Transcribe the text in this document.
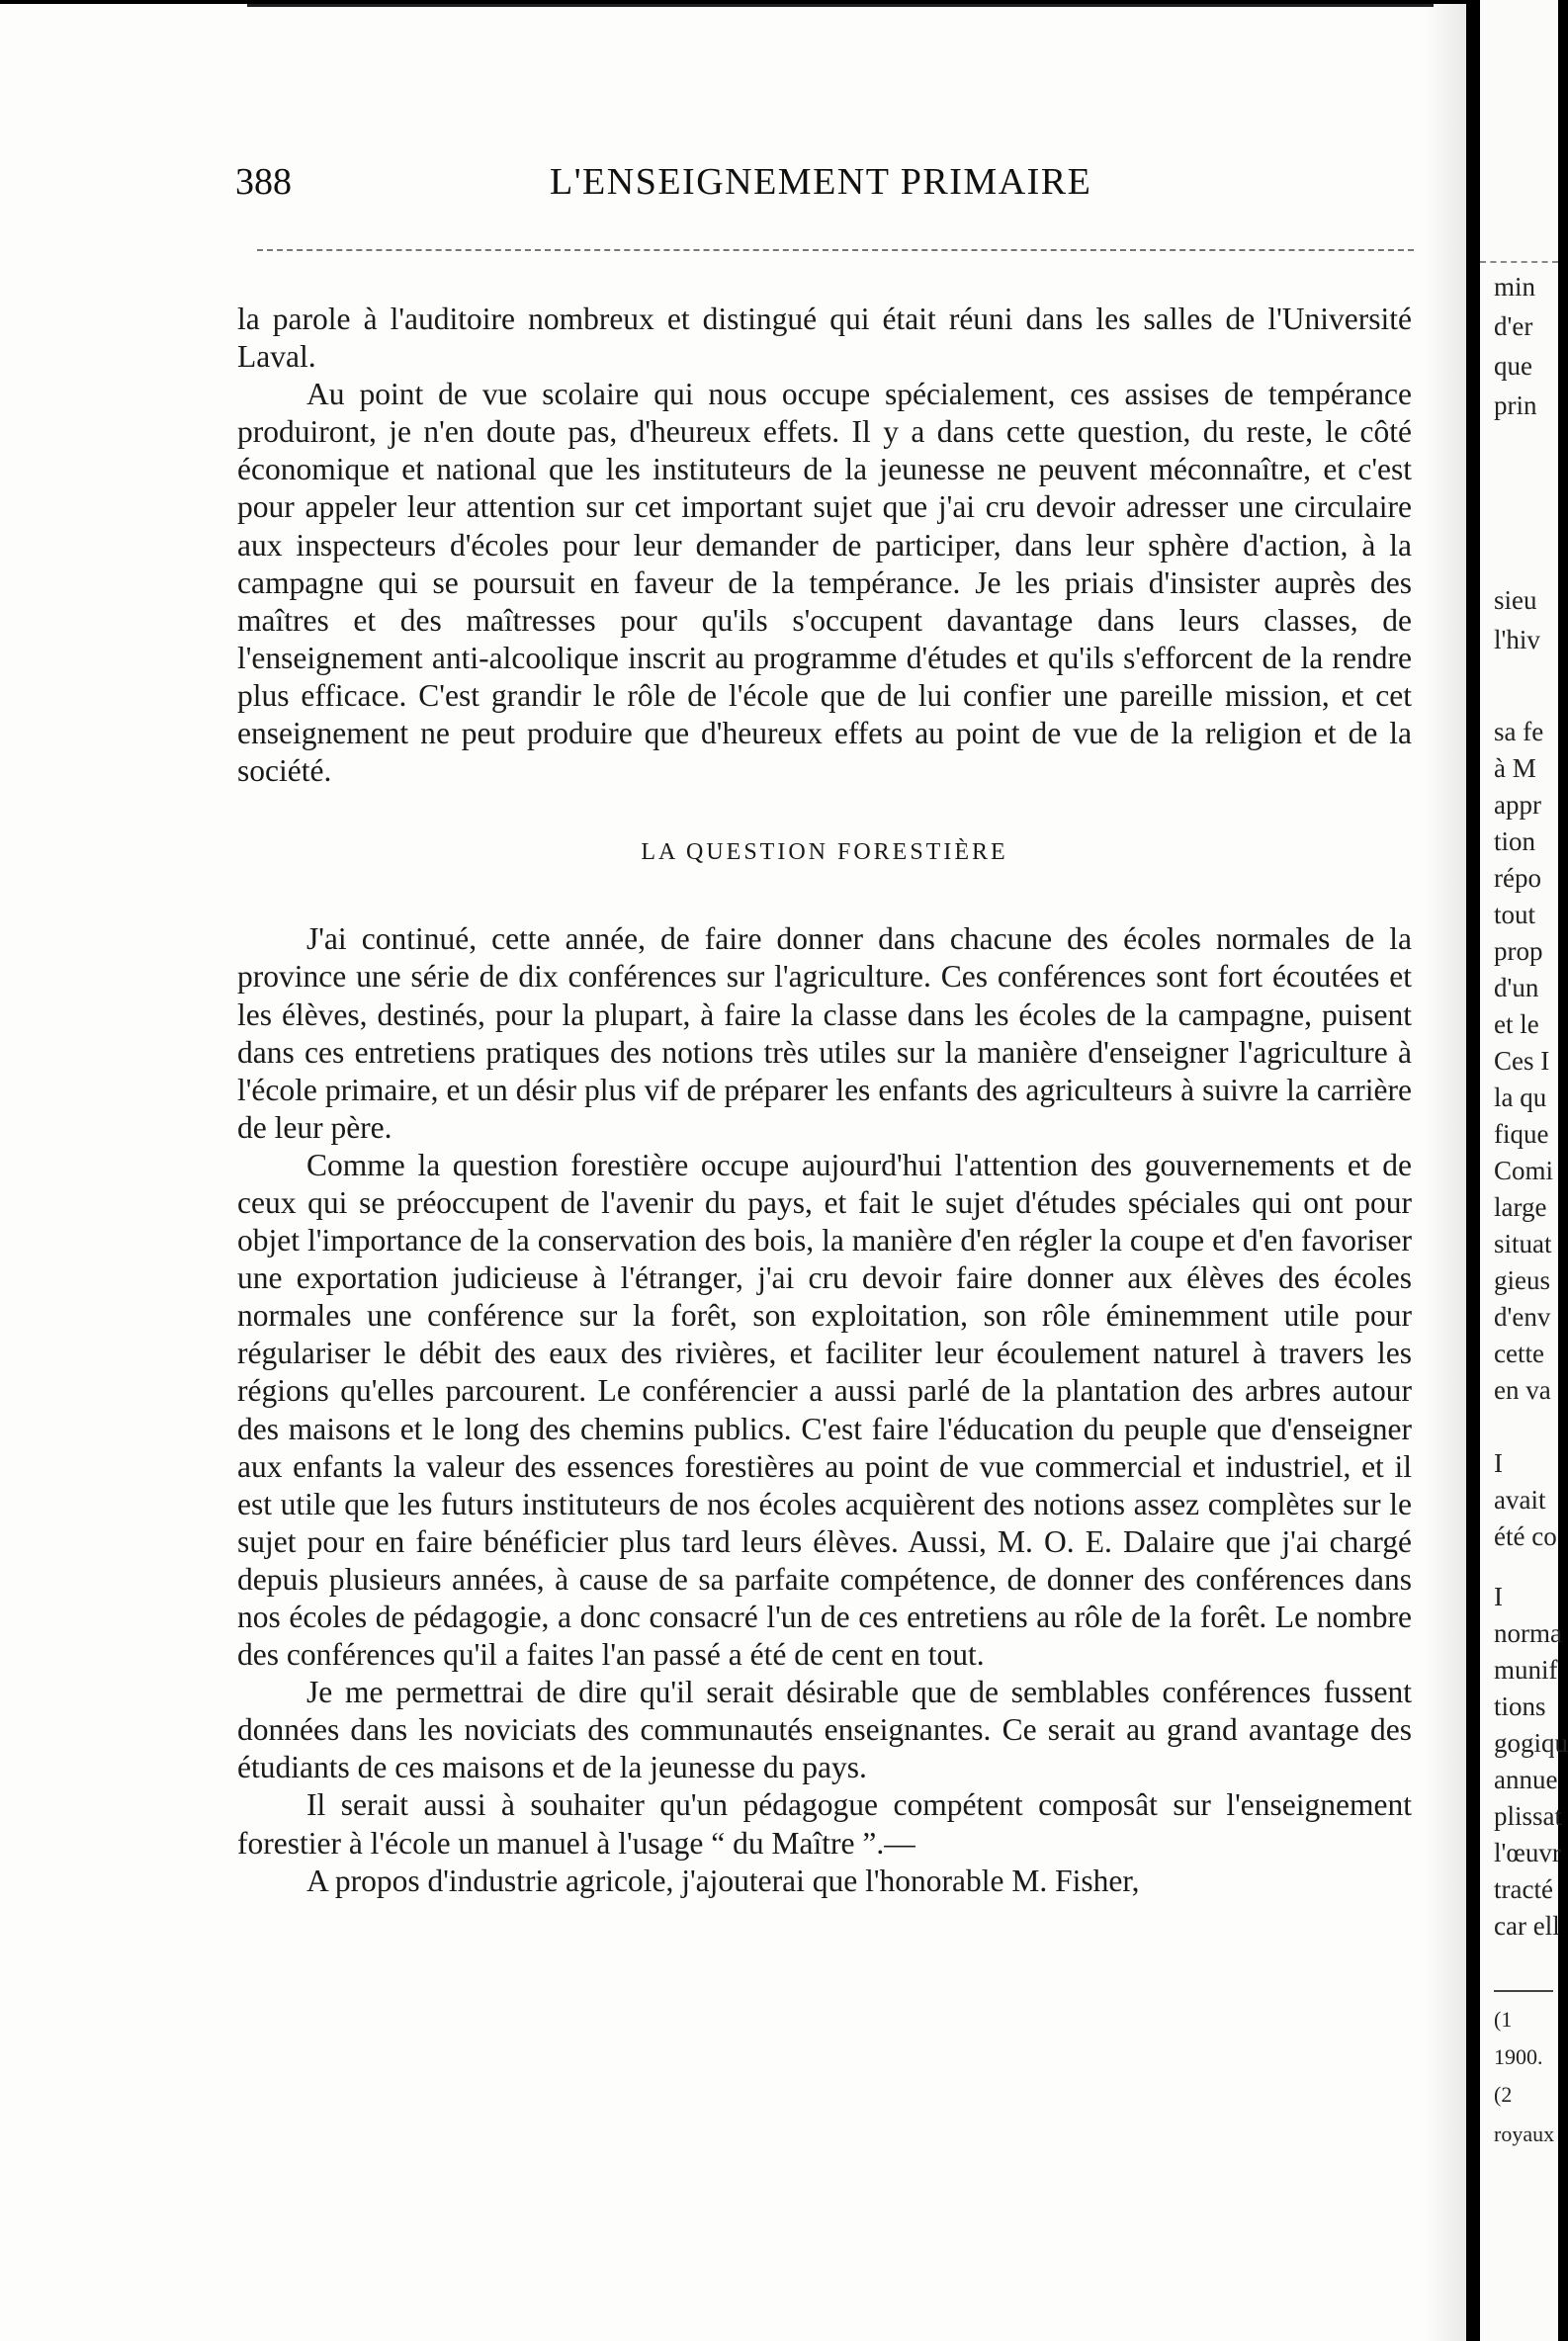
388	L'ENSEIGNEMENT PRIMAIRE

la parole à l'auditoire nombreux et distingué qui était réuni dans les salles de l'Université Laval.

Au point de vue scolaire qui nous occupe spécialement, ces assises de tempérance produiront, je n'en doute pas, d'heureux effets. Il y a dans cette question, du reste, le côté économique et national que les instituteurs de la jeunesse ne peuvent méconnaître, et c'est pour appeler leur attention sur cet important sujet que j'ai cru devoir adresser une circulaire aux inspecteurs d'écoles pour leur demander de participer, dans leur sphère d'action, à la campagne qui se poursuit en faveur de la tempérance. Je les priais d'insister auprès des maîtres et des maîtresses pour qu'ils s'occupent davantage dans leurs classes, de l'enseignement anti-alcoolique inscrit au programme d'études et qu'ils s'efforcent de la rendre plus efficace. C'est grandir le rôle de l'école que de lui confier une pareille mission, et cet enseignement ne peut produire que d'heureux effets au point de vue de la religion et de la société.

LA QUESTION FORESTIÈRE

J'ai continué, cette année, de faire donner dans chacune des écoles normales de la province une série de dix conférences sur l'agriculture. Ces conférences sont fort écoutées et les élèves, destinés, pour la plupart, à faire la classe dans les écoles de la campagne, puisent dans ces entretiens pratiques des notions très utiles sur la manière d'enseigner l'agriculture à l'école primaire, et un désir plus vif de préparer les enfants des agriculteurs à suivre la carrière de leur père.

Comme la question forestière occupe aujourd'hui l'attention des gouvernements et de ceux qui se préoccupent de l'avenir du pays, et fait le sujet d'études spéciales qui ont pour objet l'importance de la conservation des bois, la manière d'en régler la coupe et d'en favoriser une exportation judicieuse à l'étranger, j'ai cru devoir faire donner aux élèves des écoles normales une conférence sur la forêt, son exploitation, son rôle éminemment utile pour régulariser le débit des eaux des rivières, et faciliter leur écoulement naturel à travers les régions qu'elles parcourent. Le conférencier a aussi parlé de la plantation des arbres autour des maisons et le long des chemins publics. C'est faire l'éducation du peuple que d'enseigner aux enfants la valeur des essences forestières au point de vue commercial et industriel, et il est utile que les futurs instituteurs de nos écoles acquièrent des notions assez complètes sur le sujet pour en faire bénéficier plus tard leurs élèves. Aussi, M. O. E. Dalaire que j'ai chargé depuis plusieurs années, à cause de sa parfaite compétence, de donner des conférences dans nos écoles de pédagogie, a donc consacré l'un de ces entretiens au rôle de la forêt. Le nombre des conférences qu'il a faites l'an passé a été de cent en tout.

Je me permettrai de dire qu'il serait désirable que de semblables conférences fussent données dans les noviciats des communautés enseignantes. Ce serait au grand avantage des étudiants de ces maisons et de la jeunesse du pays.

Il serait aussi à souhaiter qu'un pédagogue compétent composât sur l'enseignement forestier à l'école un manuel à l'usage “ du Maître ”.—

A propos d'industrie agricole, j'ajouterai que l'honorable M. Fisher,

min
d'er
que
prin
sieu
l'hiv
sa fe
à M
appr
tion
répo
tout
prop
d'un
et le
Ces I
la qu
fique
Comi
large
situat
gieus
d'env
cette
en va
I
avait
été co
I
norma
munif
tions
gogiqu
annue
plissat
l'œuvr
tracté
car ell
(1
1900.
(2
royaux
